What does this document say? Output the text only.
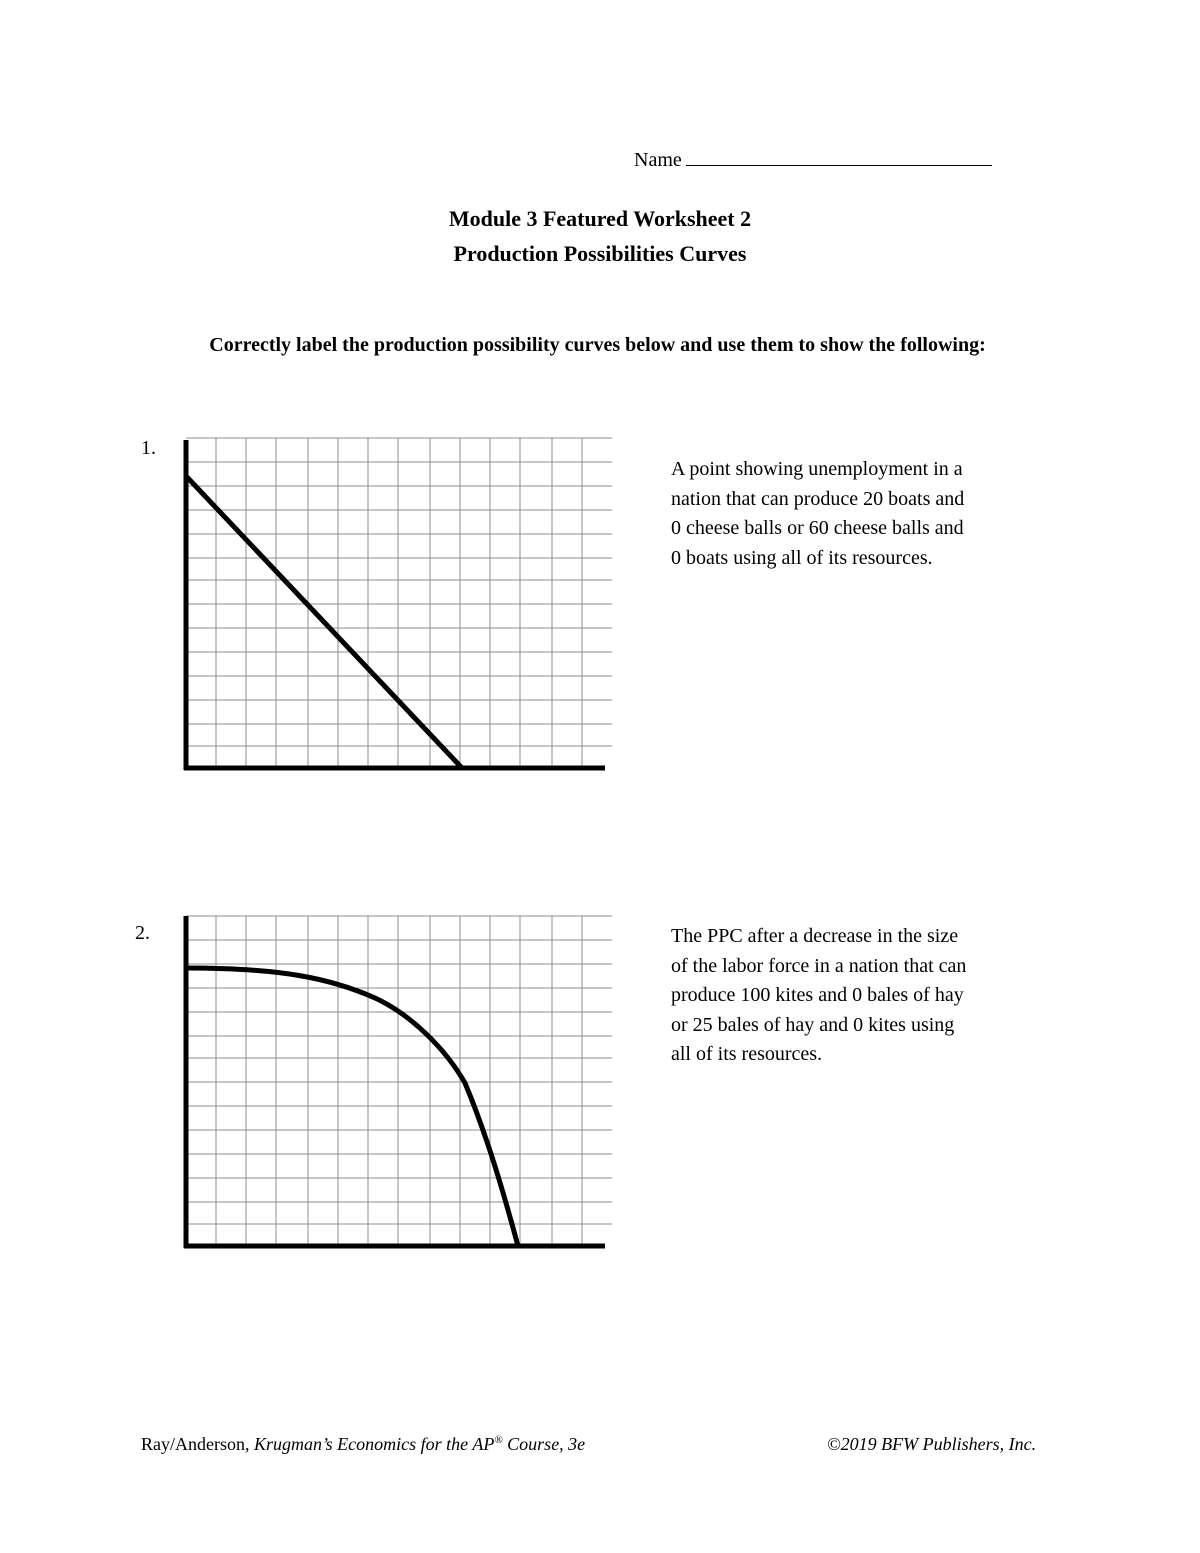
Name
Module 3 Featured Worksheet 2
Production Possibilities Curves
Correctly label the production possibility curves below and use them to show the following:
1.
A point showing unemployment in a
nation that can produce 20 boats and
0 cheese balls or 60 cheese balls and
0 boats using all of its resources.
2.	The PPC after a decrease in the size
of the labor force in a nation that can
produce 100 kites and 0 bales of hay
or 25 bales of hay and 0 kites using
all of its resources.
Ray/Anderson, Krugman’s Economics for the AP® Course, 3e	©2019 BFW Publishers, Inc.
